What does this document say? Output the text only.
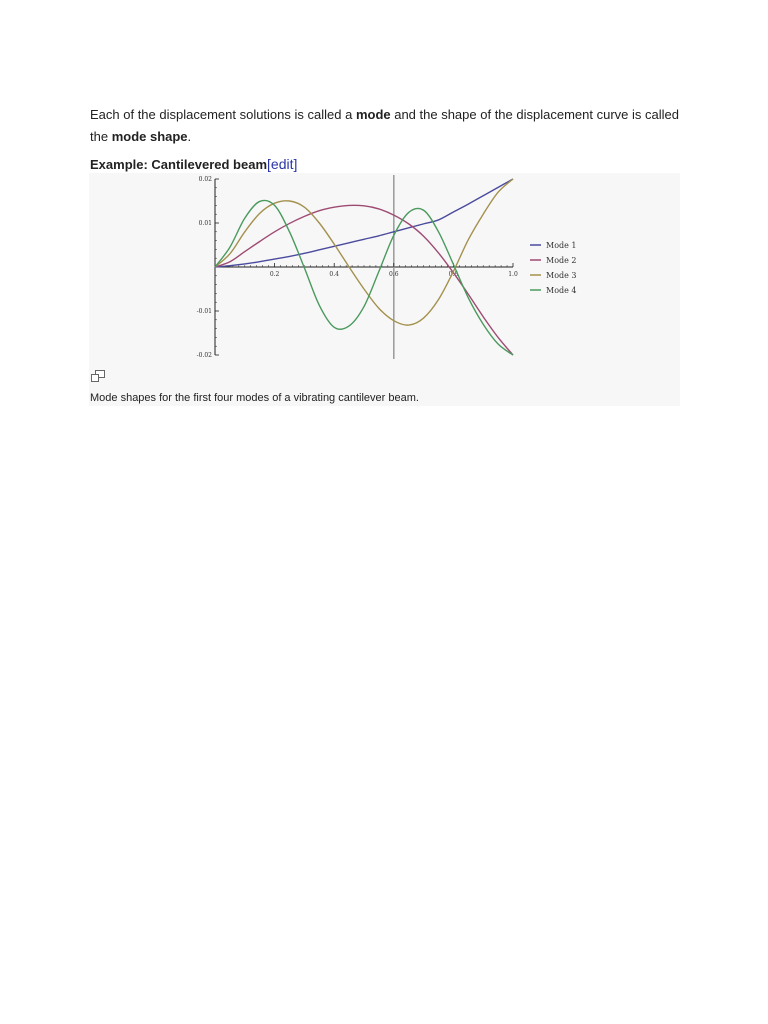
Each of the displacement solutions is called a mode and the shape of the displacement curve is called the mode shape.

Example: Cantilevered beam[edit]
0.2	0.4	0.6	0.8	1.0
0.02
0.01
-0.01
-0.02
Mode 1
Mode 2
Mode 3
Mode 4
Mode shapes for the first four modes of a vibrating cantilever beam.
